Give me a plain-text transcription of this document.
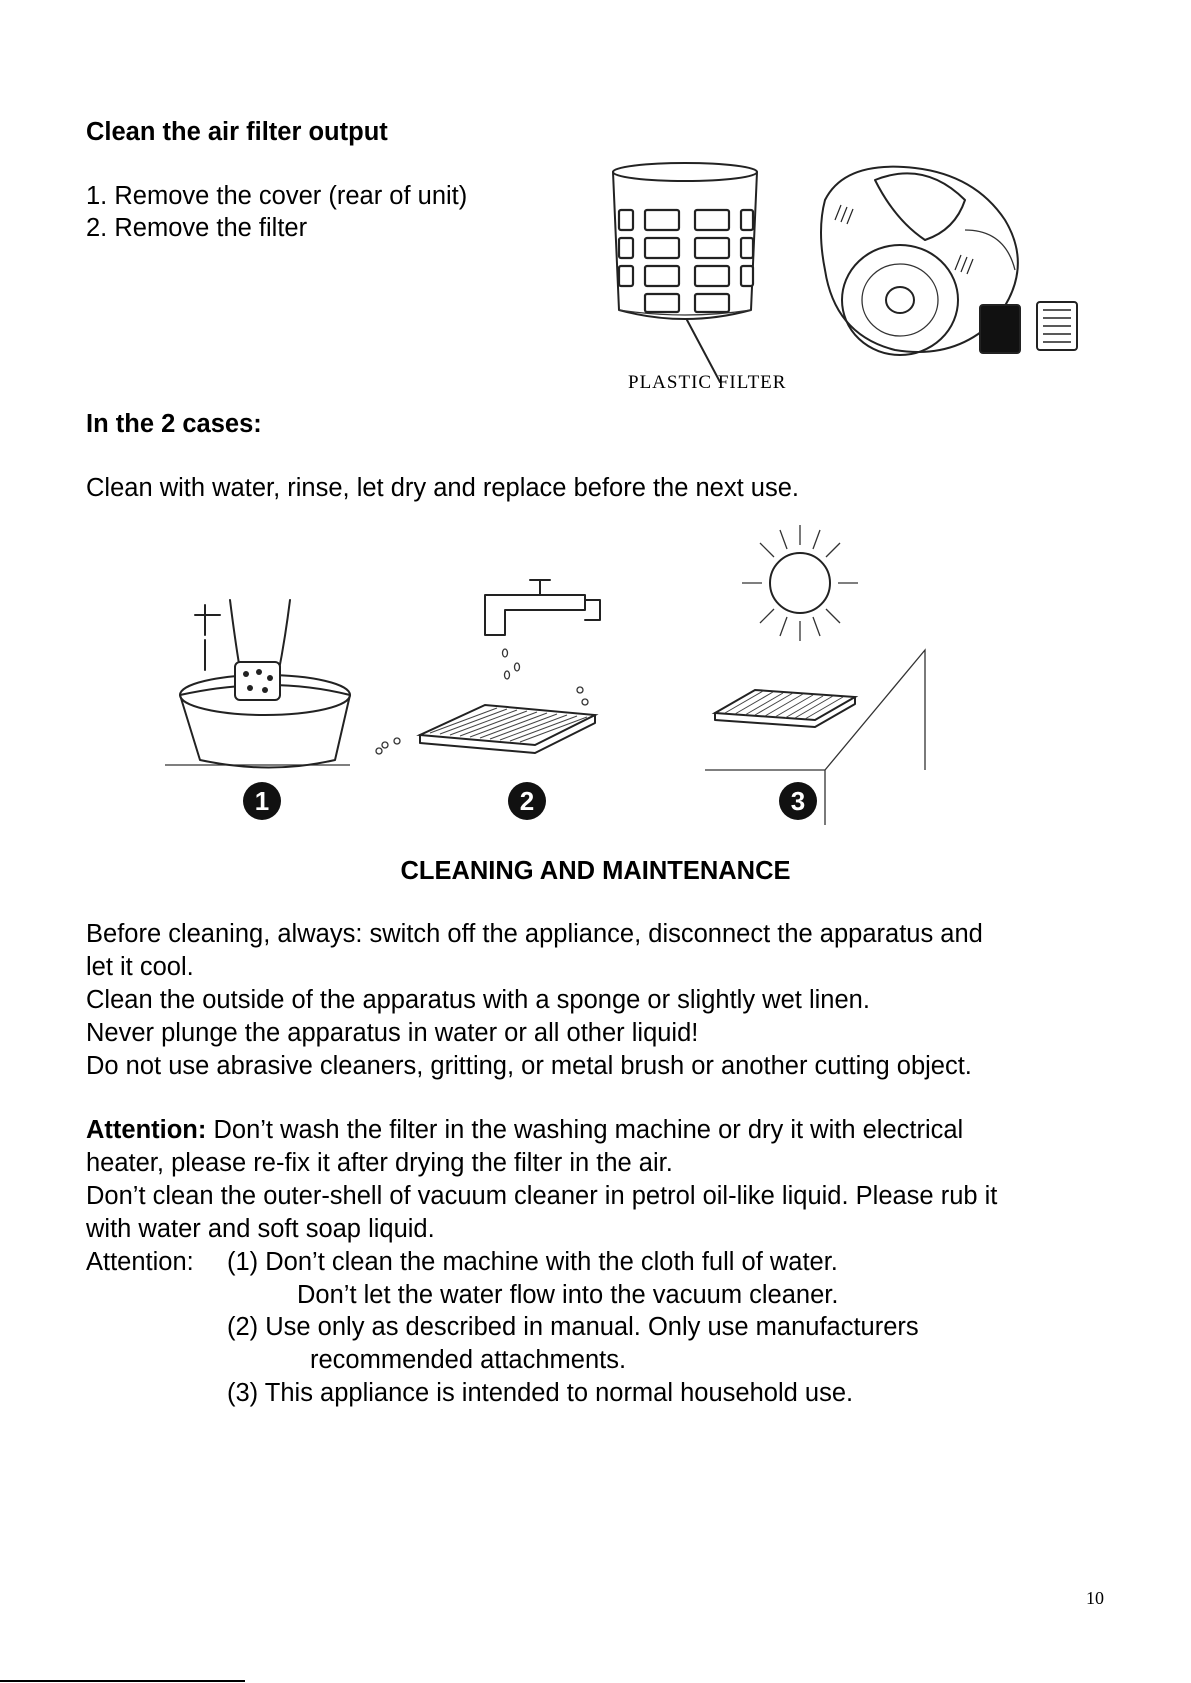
Clean the air filter output
1. Remove the cover (rear of unit)
2. Remove the filter
PLASTIC FILTER
In the 2 cases:
Clean with water, rinse, let dry and replace before the next use.
1	2	3
CLEANING AND MAINTENANCE
Before cleaning, always: switch off the appliance, disconnect the apparatus and
let it cool.
Clean the outside of the apparatus with a sponge or slightly wet linen.
Never plunge the apparatus in water or all other liquid!
Do not use abrasive cleaners, gritting, or metal brush or another cutting object.
Attention: Don’t wash the filter in the washing machine or dry it with electrical
heater, please re-fix it after drying the filter in the air.
Don’t clean the outer-shell of vacuum cleaner in petrol oil-like liquid. Please rub it
with water and soft soap liquid.
Attention: (1) Don’t clean the machine with the cloth full of water.
Don’t let the water flow into the vacuum cleaner.
(2) Use only as described in manual. Only use manufacturers
recommended attachments.
(3) This appliance is intended to normal household use.
10
